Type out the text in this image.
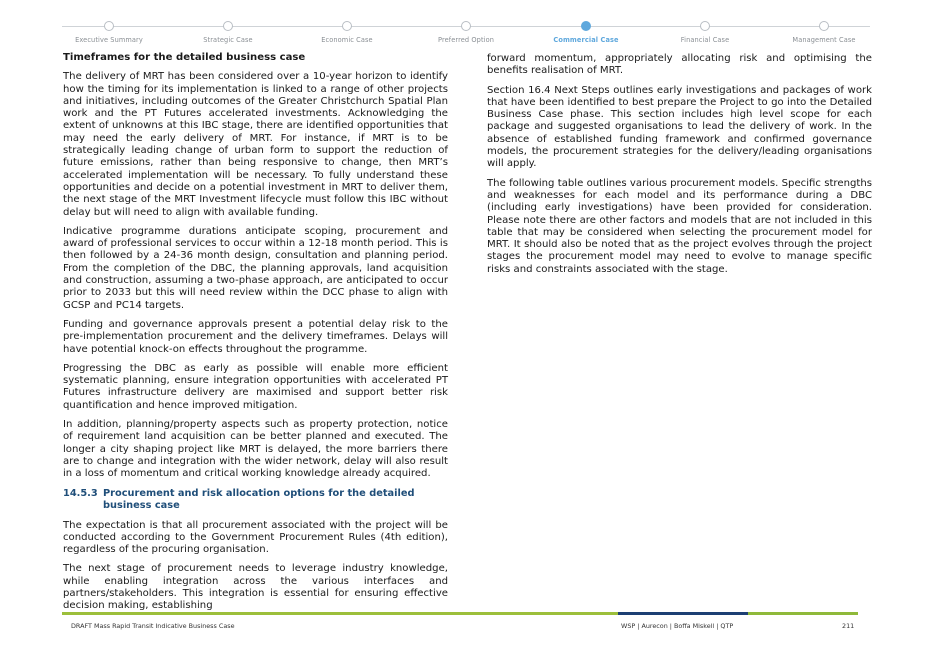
Executive Summary	Strategic Case	Economic Case	Preferred Option	Commercial Case	Financial Case	Management Case
Timeframes for the detailed business case

The delivery of MRT has been considered over a 10-year horizon to identify how the timing for its implementation is linked to a range of other projects and initiatives, including outcomes of the Greater Christchurch Spatial Plan work and the PT Futures accelerated investments. Acknowledging the extent of unknowns at this IBC stage, there are identified opportunities that may need the early delivery of MRT. For instance, if MRT is to be strategically leading change of urban form to support the reduction of future emissions, rather than being responsive to change, then MRT’s accelerated implementation will be necessary. To fully understand these opportunities and decide on a potential investment in MRT to deliver them, the next stage of the MRT Investment lifecycle must follow this IBC without delay but will need to align with available funding.

Indicative programme durations anticipate scoping, procurement and award of professional services to occur within a 12-18 month period. This is then followed by a 24-36 month design, consultation and planning period. From the completion of the DBC, the planning approvals, land acquisition and construction, assuming a two-phase approach, are anticipated to occur prior to 2033 but this will need review within the DCC phase to align with GCSP and PC14 targets.

Funding and governance approvals present a potential delay risk to the pre-implementation procurement and the delivery timeframes. Delays will have potential knock-on effects throughout the programme.

Progressing the DBC as early as possible will enable more efficient systematic planning, ensure integration opportunities with accelerated PT Futures infrastructure delivery are maximised and support better risk quantification and hence improved mitigation.

In addition, planning/property aspects such as property protection, notice of requirement land acquisition can be better planned and executed. The longer a city shaping project like MRT is delayed, the more barriers there are to change and integration with the wider network, delay will also result in a loss of momentum and critical working knowledge already acquired.

14.5.3 Procurement and risk allocation options for the detailed business case

The expectation is that all procurement associated with the project will be conducted according to the Government Procurement Rules (4th edition), regardless of the procuring organisation.

The next stage of procurement needs to leverage industry knowledge, while enabling integration across the various interfaces and partners/stakeholders. This integration is essential for ensuring effective decision making, establishing

forward momentum, appropriately allocating risk and optimising the benefits realisation of MRT.

Section 16.4 Next Steps outlines early investigations and packages of work that have been identified to best prepare the Project to go into the Detailed Business Case phase. This section includes high level scope for each package and suggested organisations to lead the delivery of work. In the absence of established funding framework and confirmed governance models, the procurement strategies for the delivery/leading organisations will apply.

The following table outlines various procurement models. Specific strengths and weaknesses for each model and its performance during a DBC (including early investigations) have been provided for consideration. Please note there are other factors and models that are not included in this table that may be considered when selecting the procurement model for MRT. It should also be noted that as the project evolves through the project stages the procurement model may need to evolve to manage specific risks and constraints associated with the stage.

DRAFT Mass Rapid Transit Indicative Business Case	WSP | Aurecon | Boffa Miskell | QTP	211
